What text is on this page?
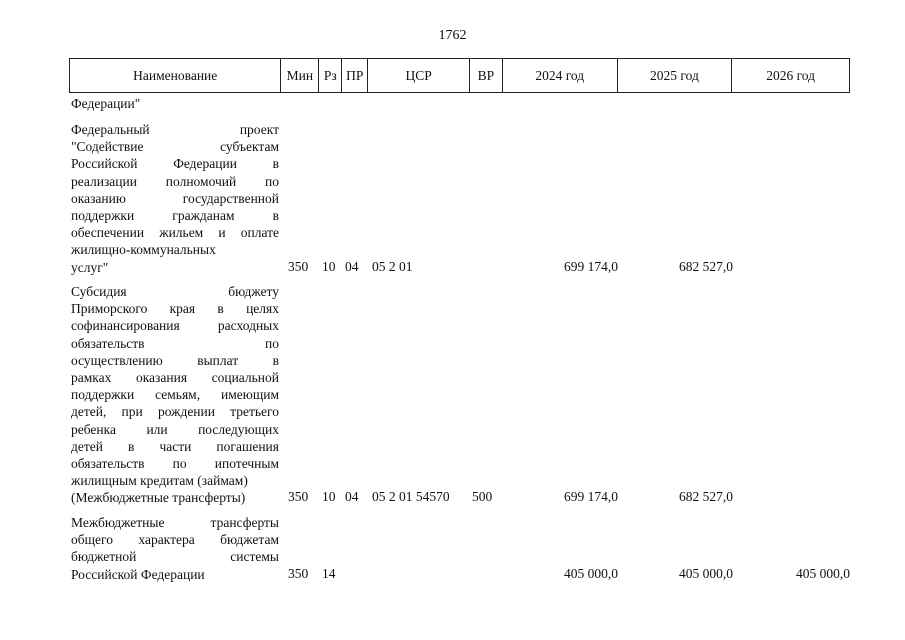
1762
Наименование	Мин Рз ПР	ЦСР	ВР	2024 год	2025 год	2026 год
Федерации"
Федеральный проект
"Содействие субъектам
Российской Федерации в
реализации полномочий по
оказанию государственной
поддержки гражданам в
обеспечении жильем и оплате
жилищно-коммунальных
услуг"	350 10 04 05 2 01	699 174,0	682 527,0
Субсидия бюджету
Приморского края в целях
софинансирования расходных
обязательств по
осуществлению выплат в
рамках оказания социальной
поддержки семьям, имеющим
детей, при рождении третьего
ребенка или последующих
детей в части погашения
обязательств по ипотечным
жилищным кредитам (займам)
(Межбюджетные трансферты)	350 10 04 05 2 01 54570 500	699 174,0	682 527,0
Межбюджетные трансферты
общего характера бюджетам
бюджетной системы
Российской Федерации	350 14	405 000,0	405 000,0	405 000,0
